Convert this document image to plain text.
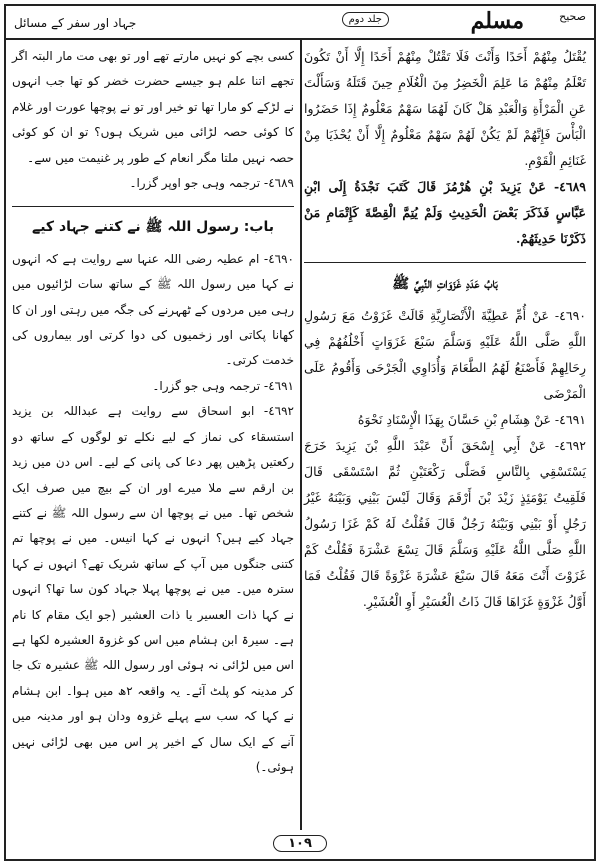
جہاد اور سفر کے مسائل	جلد دوم	مسلم	صحیح

يُقْتَلُ مِنْهُمْ أَحَدًا وَأَنْتَ فَلَا تَقْتُلْ مِنْهُمْ أَحَدًا إِلَّا أَنْ تَكُونَ تَعْلَمُ مِنْهُمْ مَا عَلِمَ الْخَضِرُ مِنَ الْغُلَامِ حِينَ قَتَلَهُ وَسَأَلْتَ عَنِ الْمَرْأَةِ وَالْعَبْدِ هَلْ كَانَ لَهُمَا سَهْمٌ مَعْلُومٌ إِذَا حَضَرُوا الْبَأْسَ فَإِنَّهُمْ لَمْ يَكُنْ لَهُمْ سَهْمٌ مَعْلُومٌ إِلَّا أَنْ يُحْذَيَا مِنْ غَنَائِمِ الْقَوْمِ.

٤٦٨٩- عَنْ يَزِيدَ بْنِ هُرْمُزَ قَالَ كَتَبَ نَجْدَةُ إِلَى ابْنِ عَبَّاسٍ فَذَكَرَ بَعْضَ الْحَدِيثِ وَلَمْ يُتِمَّ الْقِصَّةَ كَإِتْمَامِ مَنْ ذَكَرْنَا حَدِيثَهُمْ.

بَابُ عَدَدِ غَزَوَاتِ النَّبِيِّ ﷺ

٤٦٩٠- عَنْ أُمِّ عَطِيَّةَ الْأَنْصَارِيَّةِ قَالَتْ غَزَوْتُ مَعَ رَسُولِ اللَّهِ صَلَّى اللَّهُ عَلَيْهِ وَسَلَّمَ سَبْعَ غَزَوَاتٍ أَخْلُفُهُمْ فِي رِحَالِهِمْ فَأَصْنَعُ لَهُمُ الطَّعَامَ وَأُدَاوِي الْجَرْحَى وَأَقُومُ عَلَى الْمَرْضَى

٤٦٩١- عَنْ هِشَامِ بْنِ حَسَّانَ بِهَذَا الْإِسْنَادِ نَحْوَهُ

٤٦٩٢- عَنْ أَبِي إِسْحَقَ أَنَّ عَبْدَ اللَّهِ بْنَ يَزِيدَ خَرَجَ يَسْتَسْقِي بِالنَّاسِ فَصَلَّى رَكْعَتَيْنِ ثُمَّ اسْتَسْقَى قَالَ فَلَقِيتُ يَوْمَئِذٍ زَيْدَ بْنَ أَرْقَمَ وَقَالَ لَيْسَ بَيْنِي وَبَيْنَهُ غَيْرُ رَجُلٍ أَوْ بَيْنِي وَبَيْنَهُ رَجُلٌ قَالَ فَقُلْتُ لَهُ كَمْ غَزَا رَسُولُ اللَّهِ صَلَّى اللَّهُ عَلَيْهِ وَسَلَّمَ قَالَ تِسْعَ عَشْرَةَ فَقُلْتُ كَمْ غَزَوْتَ أَنْتَ مَعَهُ قَالَ سَبْعَ عَشْرَةَ غَزْوَةً قَالَ فَقُلْتُ فَمَا أَوَّلُ غَزْوَةٍ غَزَاهَا قَالَ ذَاتُ الْعُسَيْرِ أَوِ الْعُشَيْرِ.

کسی بچے کو نہیں مارتے تھے اور تو بھی مت مار البتہ اگر تجھے اتنا علم ہو جیسے حضرت خضر کو تھا جب انہوں نے لڑکے کو مارا تھا تو خیر اور تو نے پوچھا عورت اور غلام کا کوئی حصہ لڑائی میں شریک ہوں؟ تو ان کو کوئی حصہ نہیں ملتا مگر انعام کے طور پر غنیمت میں سے۔

٤٦٨٩- ترجمہ وہی جو اوپر گزرا۔

باب: رسول اللہ ﷺ نے کتنے جہاد کیے

٤٦٩٠- ام عطیہ رضی اللہ عنہا سے روایت ہے کہ انہوں نے کہا میں رسول اللہ ﷺ کے ساتھ سات لڑائیوں میں رہی میں مردوں کے ٹھہرنے کی جگہ میں رہتی اور ان کا کھانا پکاتی اور زخمیوں کی دوا کرتی اور بیماروں کی خدمت کرتی۔

٤٦٩١- ترجمہ وہی جو گزرا۔

٤٦٩٢- ابو اسحاق سے روایت ہے عبداللہ بن یزید استسقاء کی نماز کے لیے نکلے تو لوگوں کے ساتھ دو رکعتیں پڑھیں پھر دعا کی پانی کے لیے۔ اس دن میں زید بن ارقم سے ملا میرے اور ان کے بیچ میں صرف ایک شخص تھا۔ میں نے پوچھا ان سے رسول اللہ ﷺ نے کتنے جہاد کیے ہیں؟ انہوں نے کہا انیس۔ میں نے پوچھا تم کتنی جنگوں میں آپ کے ساتھ شریک تھے؟ انہوں نے کہا سترہ میں۔ میں نے پوچھا پہلا جہاد کون سا تھا؟ انہوں نے کہا ذات العسیر یا ذات العشیر (جو ایک مقام کا نام ہے۔ سیرۃ ابن ہشام میں اس کو غزوۃ العشیرہ لکھا ہے اس میں لڑائی نہ ہوئی اور رسول اللہ ﷺ عشیرہ تک جا کر مدینہ کو پلٹ آئے۔ یہ واقعہ ۲ھ میں ہوا۔ ابن ہشام نے کہا کہ سب سے پہلے غزوہ ودان ہو اور مدینہ میں آنے کے ایک سال کے اخیر پر اس میں بھی لڑائی نہیں ہوئی۔)

۱۰۹
